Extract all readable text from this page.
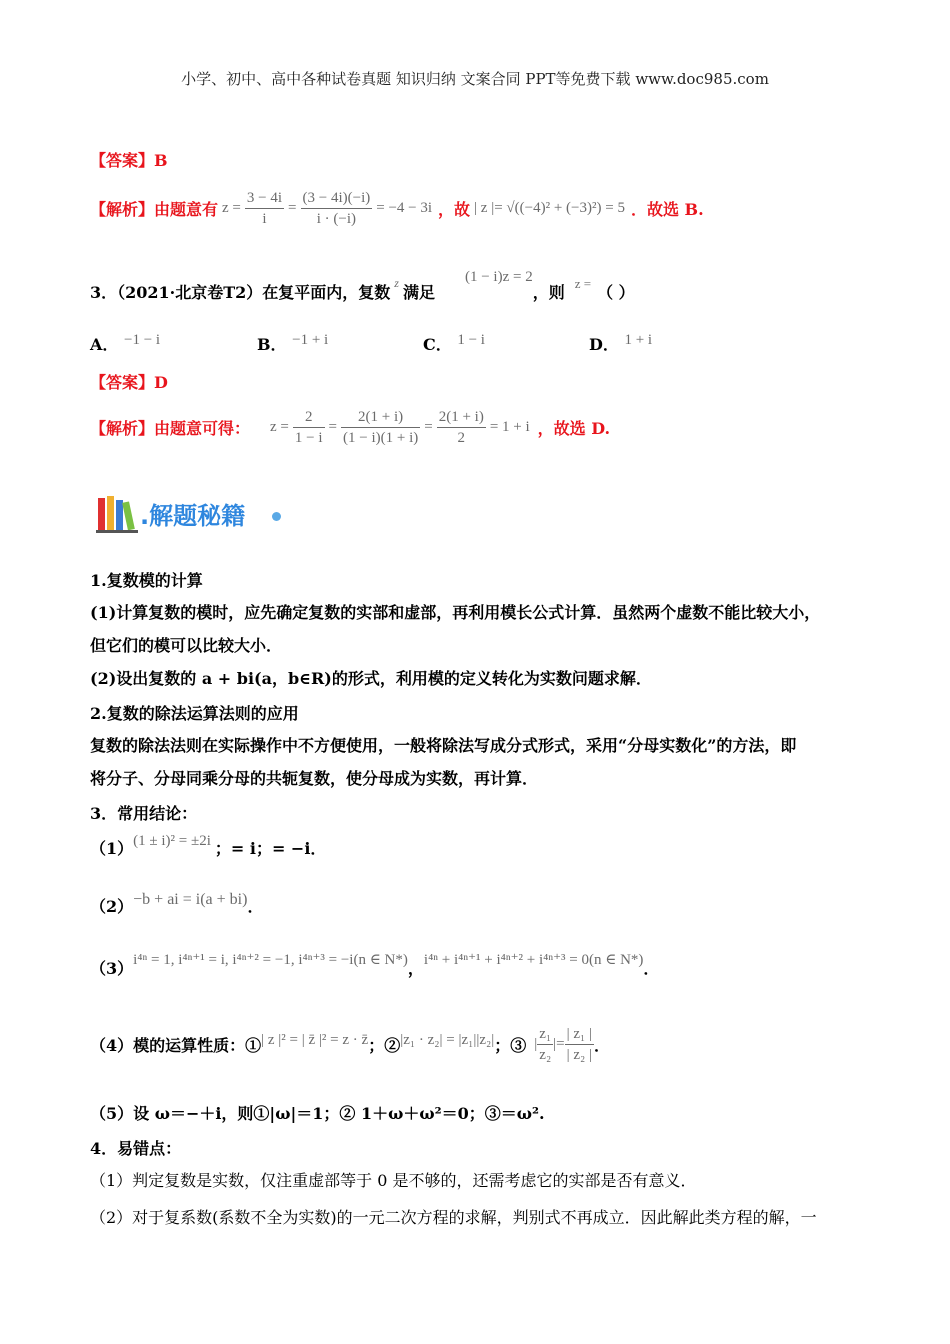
小学、初中、高中各种试卷真题 知识归纳 文案合同 PPT等免费下载 www.doc985.com
【答案】B
【解析】由题意有 $z = \frac{3 - 4i}{i} = \frac{(3 - 4i)(-i)}{i \cdot (-i)} = -4 - 3i$ ，故 | z |= √((−4)² + (−3)²) = 5 ．故选 B.
3．（2021·北京卷T2）在复平面内，复数 z 满足
(1 − i)z = 2
，则 z = （ ）
A． −1 − i	B． −1 + i	C． 1 − i	D． 1 + i
【答案】D
【解析】由题意可得： $z = \frac{2}{1 - i} = \frac{2(1 + i)}{(1 - i)(1 + i)} = \frac{2(1 + i)}{2} = 1 + i$ ，故选 D.
.解题秘籍
1.复数模的计算
(1)计算复数的模时，应先确定复数的实部和虚部，再利用模长公式计算．虽然两个虚数不能比较大小，
但它们的模可以比较大小．
(2)设出复数的 a + bi(a，b∈R)的形式，利用模的定义转化为实数问题求解．
2.复数的除法运算法则的应用
复数的除法法则在实际操作中不方便使用，一般将除法写成分式形式，采用“分母实数化”的方法，即
将分子、分母同乘分母的共轭复数，使分母成为实数，再计算．
3．常用结论：
（1） (1 ± i)² = ±2i ；= i；= −i．
（2） −b + ai = i(a + bi) ．
（3） i⁴ⁿ = 1, i⁴ⁿ⁺¹ = i, i⁴ⁿ⁺² = −1, i⁴ⁿ⁺³ = −i(n ∈ N*) ， i⁴ⁿ + i⁴ⁿ⁺¹ + i⁴ⁿ⁺² + i⁴ⁿ⁺³ = 0(n ∈ N*) ．
（4）模的运算性质：① | z |² = | z̄ |² = z · z̄ ；② |z₁ · z₂| = |z₁||z₂| ；③ | $\frac{\text{z₁}}{\text{z₂}}$ |= $\frac{\text{| z₁ |}}{\text{| z₂ |}}$ ．
（5）设 ω＝−＋i，则①|ω|＝1；② 1＋ω＋ω²＝0；③＝ω².
4．易错点：
（1）判定复数是实数，仅注重虚部等于 0 是不够的，还需考虑它的实部是否有意义．
（2）对于复系数(系数不全为实数)的一元二次方程的求解，判别式不再成立．因此解此类方程的解，一
